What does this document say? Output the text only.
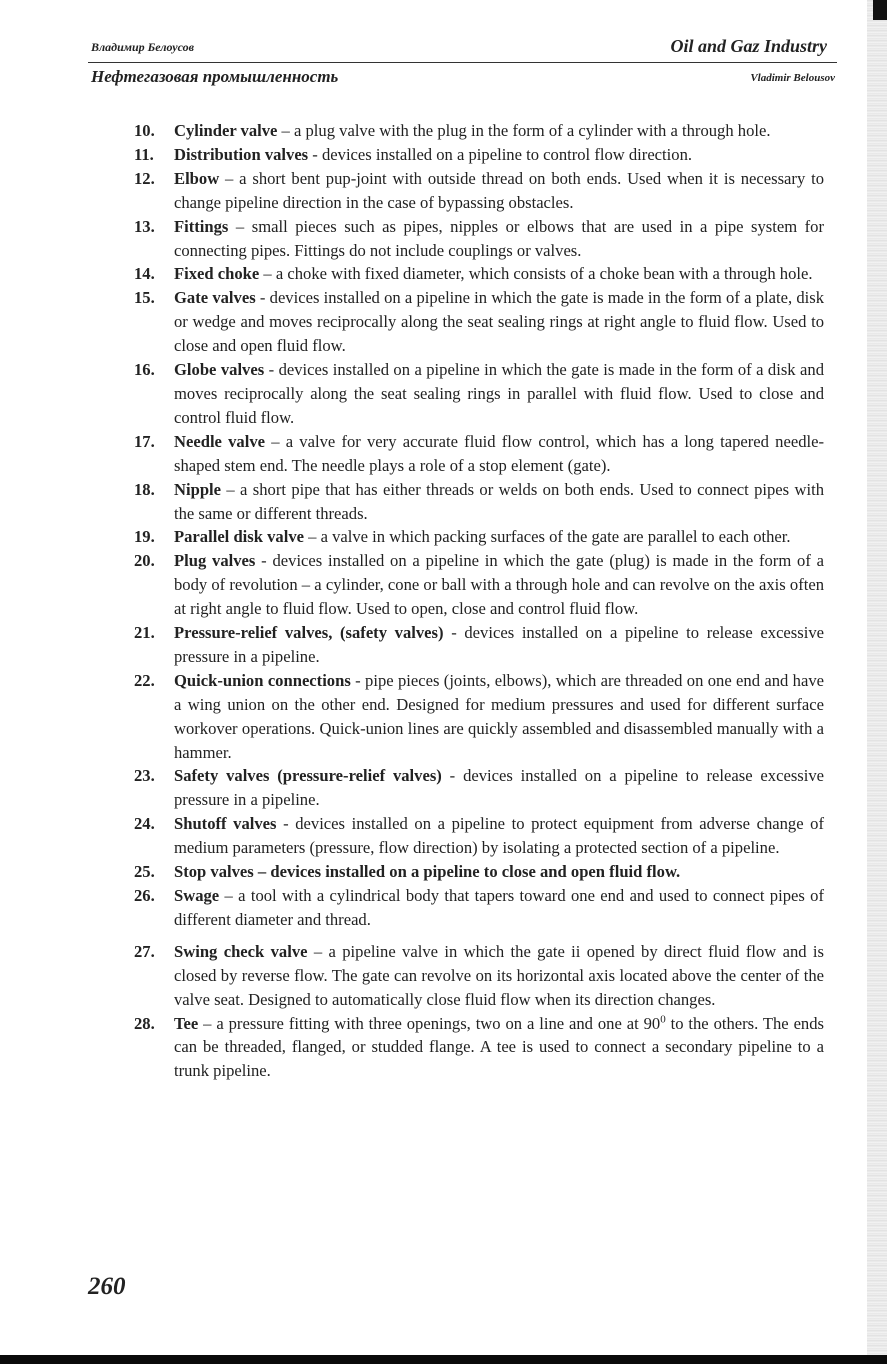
Владимир Белоусов	Oil and Gaz Industry
Нефтегазовая промышленность	Vladimir Belousov
10. Cylinder valve – a plug valve with the plug in the form of a cylinder with a through hole.
11. Distribution valves - devices installed on a pipeline to control flow direction.
12. Elbow – a short bent pup-joint with outside thread on both ends. Used when it is necessary to change pipeline direction in the case of bypassing obstacles.
13. Fittings – small pieces such as pipes, nipples or elbows that are used in a pipe system for connecting pipes. Fittings do not include couplings or valves.
14. Fixed choke – a choke with fixed diameter, which consists of a choke bean with a through hole.
15. Gate valves - devices installed on a pipeline in which the gate is made in the form of a plate, disk or wedge and moves reciprocally along the seat sealing rings at right angle to fluid flow. Used to close and open fluid flow.
16. Globe valves - devices installed on a pipeline in which the gate is made in the form of a disk and moves reciprocally along the seat sealing rings in parallel with fluid flow. Used to close and control fluid flow.
17. Needle valve – a valve for very accurate fluid flow control, which has a long tapered needle-shaped stem end. The needle plays a role of a stop element (gate).
18. Nipple – a short pipe that has either threads or welds on both ends. Used to connect pipes with the same or different threads.
19. Parallel disk valve – a valve in which packing surfaces of the gate are parallel to each other.
20. Plug valves - devices installed on a pipeline in which the gate (plug) is made in the form of a body of revolution – a cylinder, cone or ball with a through hole and can revolve on the axis often at right angle to fluid flow. Used to open, close and control fluid flow.
21. Pressure-relief valves, (safety valves) - devices installed on a pipeline to release excessive pressure in a pipeline.
22. Quick-union connections - pipe pieces (joints, elbows), which are threaded on one end and have a wing union on the other end. Designed for medium pressures and used for different surface workover operations. Quick-union lines are quickly assembled and disassembled manually with a hammer.
23. Safety valves (pressure-relief valves) - devices installed on a pipeline to release excessive pressure in a pipeline.
24. Shutoff valves - devices installed on a pipeline to protect equipment from adverse change of medium parameters (pressure, flow direction) by isolating a protected section of a pipeline.
25. Stop valves – devices installed on a pipeline to close and open fluid flow.
26. Swage – a tool with a cylindrical body that tapers toward one end and used to connect pipes of different diameter and thread.
27. Swing check valve – a pipeline valve in which the gate ii opened by direct fluid flow and is closed by reverse flow. The gate can revolve on its horizontal axis located above the center of the valve seat. Designed to automatically close fluid flow when its direction changes.
28. Tee – a pressure fitting with three openings, two on a line and one at $90^0$ to the others. The ends can be threaded, flanged, or studded flange. A tee is used to connect a secondary pipeline to a trunk pipeline.
260
